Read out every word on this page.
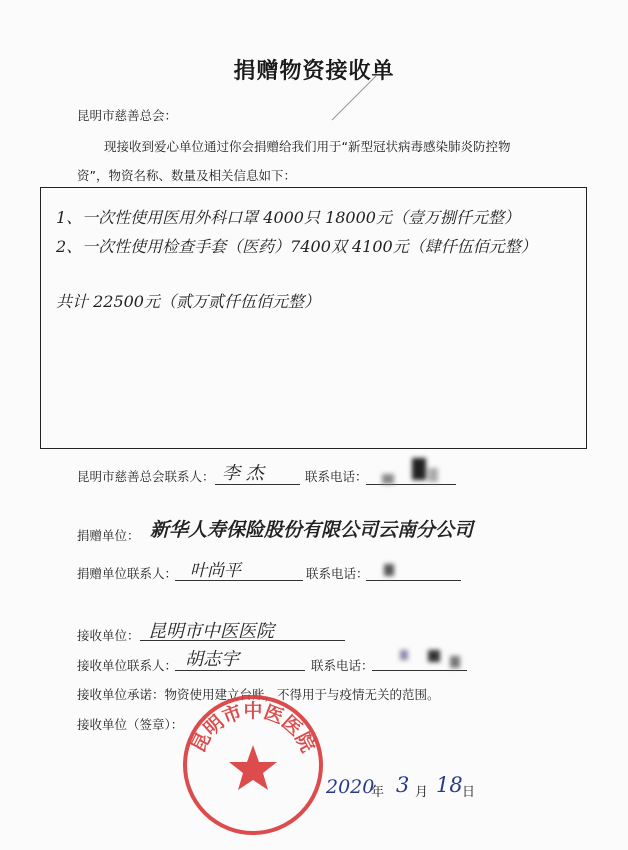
捐赠物资接收单
昆明市慈善总会：
现接收到爱心单位通过你会捐赠给我们用于“新型冠状病毒感染肺炎防控物
资”，物资名称、数量及相关信息如下：
1、一次性使用医用外科口罩 4000只 18000元（壹万捌仟元整）
2、一次性使用检查手套（医药）7400双 4100元（肆仟伍佰元整）
共计 22500元（贰万贰仟伍佰元整）
昆明市慈善总会联系人： 李 杰	联系电话：
捐赠单位： 新华人寿保险股份有限公司云南分公司
捐赠单位联系人： 叶尚平	联系电话：
接收单位： 昆明市中医医院
接收单位联系人： 胡志宇	联系电话：
接收单位承诺：物资使用建立台账，不得用于与疫情无关的范围。
接收单位（签章）：
昆明市中医医院
2020
年 3 月 18 日
